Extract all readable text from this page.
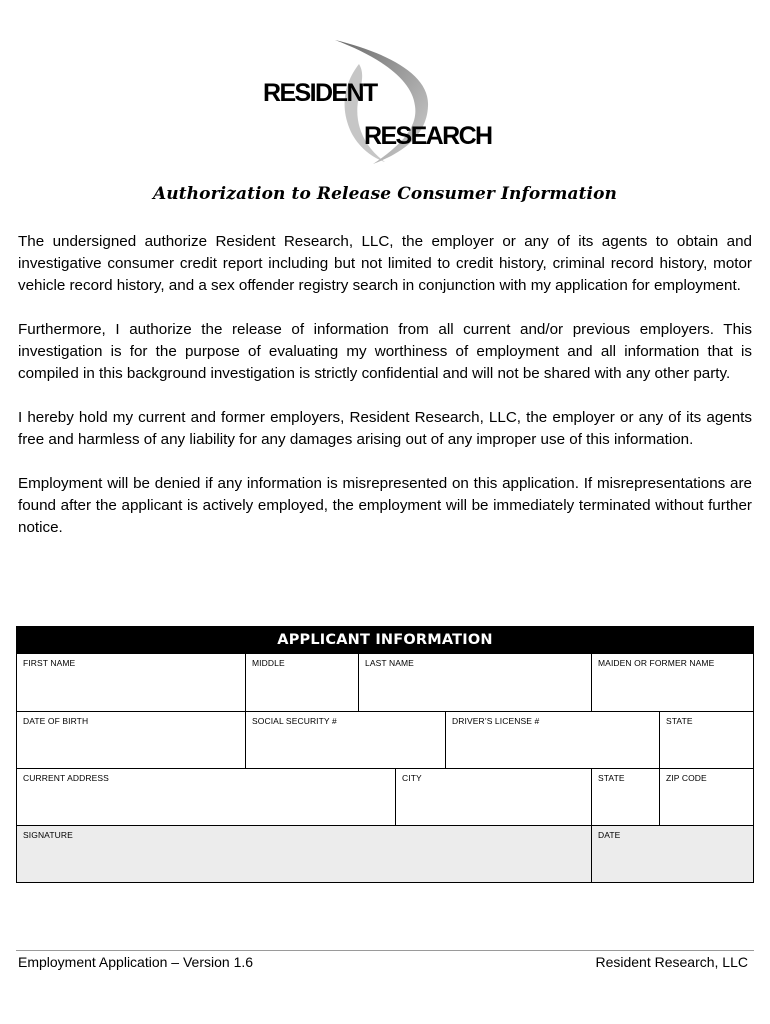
RESIDENT
RESEARCH
Authorization to Release Consumer Information

The undersigned authorize Resident Research, LLC, the employer or any of its agents to obtain and investigative consumer credit report including but not limited to credit history, criminal record history, motor vehicle record history, and a sex offender registry search in conjunction with my application for employment.

Furthermore, I authorize the release of information from all current and/or previous employers. This investigation is for the purpose of evaluating my worthiness of employment and all information that is compiled in this background investigation is strictly confidential and will not be shared with any other party.

I hereby hold my current and former employers, Resident Research, LLC, the employer or any of its agents free and harmless of any liability for any damages arising out of any improper use of this information.

Employment will be denied if any information is misrepresented on this application. If misrepresentations are found after the applicant is actively employed, the employment will be immediately terminated without further notice.

APPLICANT INFORMATION
FIRST NAME	MIDDLE	LAST NAME	MAIDEN OR FORMER NAME
DATE OF BIRTH	SOCIAL SECURITY #	DRIVER’S LICENSE #	STATE
CURRENT ADDRESS	CITY	STATE	ZIP CODE
SIGNATURE	DATE
Employment Application – Version 1.6	Resident Research, LLC
